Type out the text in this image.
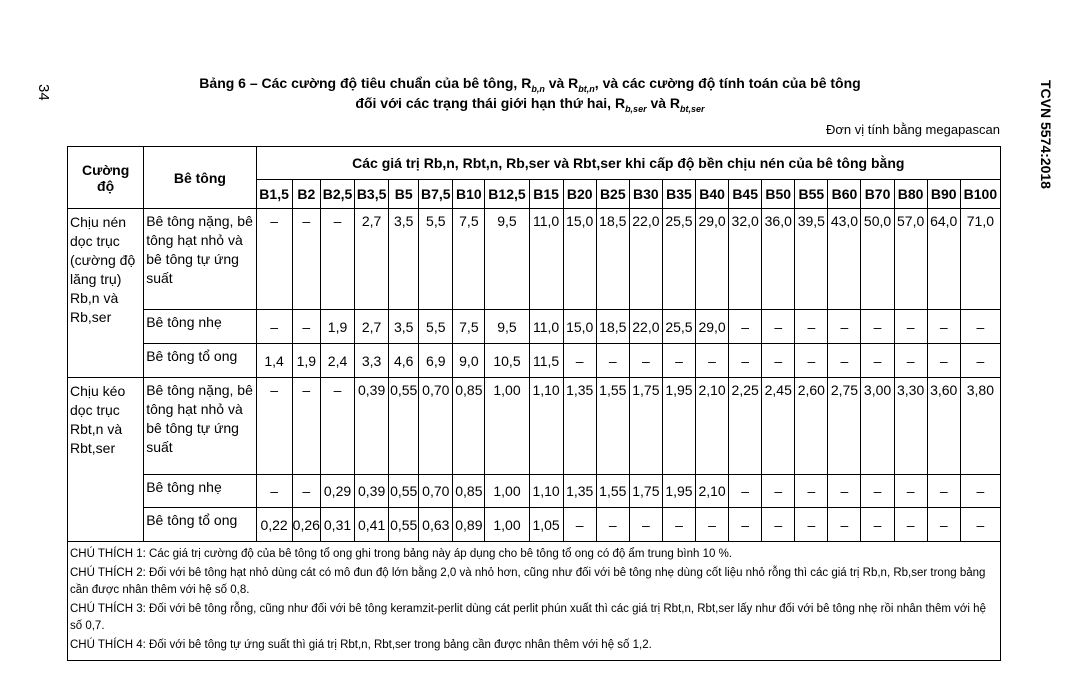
34	TCVN 5574:2018
Bảng 6 – Các cường độ tiêu chuẩn của bê tông, $R_{b,n}$ và $R_{bt,n}$, và các cường độ tính toán của bê tông
đối với các trạng thái giới hạn thứ hai, $R_{b,ser}$ và $R_{bt,ser}$
Đơn vị tính bằng megapascan
Cường độ	Bê tông	Các giá trị Rb,n, Rbt,n, Rb,ser và Rbt,ser khi cấp độ bền chịu nén của bê tông bằng																					
		B1,5	B2	B2,5	B3,5	B5	B7,5	B10	B12,5	B15	B20	B25	B30	B35	B40	B45	B50	B55	B60	B70	B80	B90	B100
Chịu nén dọc trục (cường độ lăng trụ) Rb,n và Rb,ser	Bê tông nặng, bê tông hạt nhỏ và bê tông tự ứng suất	–	–	–	2,7	3,5	5,5	7,5	9,5	11,0	15,0	18,5	22,0	25,5	29,0	32,0	36,0	39,5	43,0	50,0	57,0	64,0	71,0
	Bê tông nhẹ	–	–	1,9	2,7	3,5	5,5	7,5	9,5	11,0	15,0	18,5	22,0	25,5	29,0	–	–	–	–	–	–	–	–
	Bê tông tổ ong	1,4	1,9	2,4	3,3	4,6	6,9	9,0	10,5	11,5	–	–	–	–	–	–	–	–	–	–	–	–	–
Chịu kéo dọc trục Rbt,n và Rbt,ser	Bê tông nặng, bê tông hạt nhỏ và bê tông tự ứng suất	–	–	–	0,39	0,55	0,70	0,85	1,00	1,10	1,35	1,55	1,75	1,95	2,10	2,25	2,45	2,60	2,75	3,00	3,30	3,60	3,80
	Bê tông nhẹ	–	–	0,29	0,39	0,55	0,70	0,85	1,00	1,10	1,35	1,55	1,75	1,95	2,10	–	–	–	–	–	–	–	–
	Bê tông tổ ong	0,22	0,26	0,31	0,41	0,55	0,63	0,89	1,00	1,05	–	–	–	–	–	–	–	–	–	–	–	–	–

CHÚ THÍCH 1: Các giá trị cường độ của bê tông tổ ong ghi trong bảng này áp dụng cho bê tông tổ ong có độ ẩm trung bình 10 %.
CHÚ THÍCH 2: Đối với bê tông hạt nhỏ dùng cát có mô đun độ lớn bằng 2,0 và nhỏ hơn, cũng như đối với bê tông nhẹ dùng cốt liệu nhỏ rỗng thì các giá trị Rb,n, Rb,ser trong bảng cần được nhân thêm với hệ số 0,8.
CHÚ THÍCH 3: Đối với bê tông rỗng, cũng như đối với bê tông keramzit-perlit dùng cát perlit phún xuất thì các giá trị Rbt,n, Rbt,ser lấy như đối với bê tông nhẹ rồi nhân thêm với hệ số 0,7.
CHÚ THÍCH 4: Đối với bê tông tự ứng suất thì giá trị Rbt,n, Rbt,ser trong bảng cần được nhân thêm với hệ số 1,2.																							
